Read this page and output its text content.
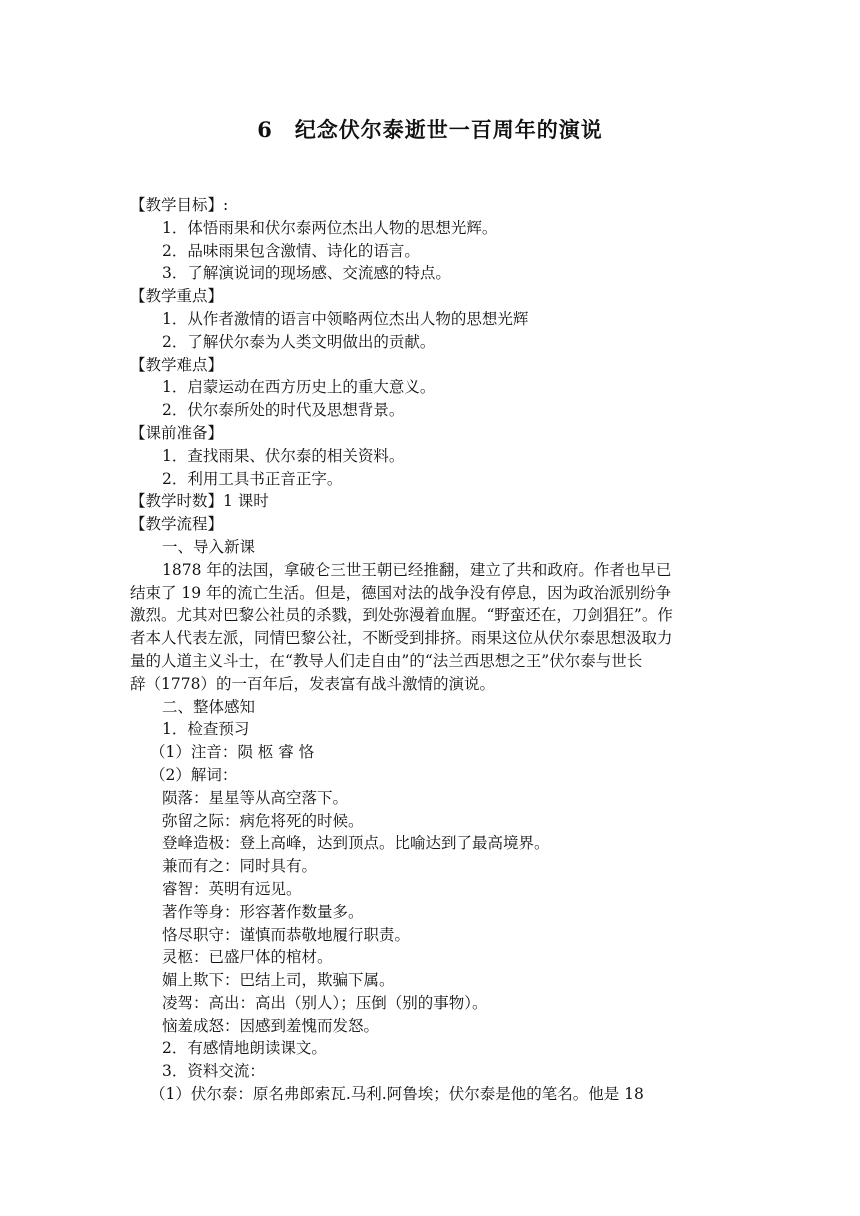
6 纪念伏尔泰逝世一百周年的演说
【教学目标】:
1．体悟雨果和伏尔泰两位杰出人物的思想光辉。
2．品味雨果包含激情、诗化的语言。
3．了解演说词的现场感、交流感的特点。
【教学重点】
1．从作者激情的语言中领略两位杰出人物的思想光辉
2．了解伏尔泰为人类文明做出的贡献。
【教学难点】
1．启蒙运动在西方历史上的重大意义。
2．伏尔泰所处的时代及思想背景。
【课前准备】
1．查找雨果、伏尔泰的相关资料。
2．利用工具书正音正字。
【教学时数】1 课时
【教学流程】
一、导入新课
1878 年的法国，拿破仑三世王朝已经推翻，建立了共和政府。作者也早已
结束了 19 年的流亡生活。但是，德国对法的战争没有停息，因为政治派别纷争
激烈。尤其对巴黎公社员的杀戮，到处弥漫着血腥。“野蛮还在，刀剑猖狂”。作
者本人代表左派，同情巴黎公社，不断受到排挤。雨果这位从伏尔泰思想汲取力
量的人道主义斗士，在“教导人们走自由”的“法兰西思想之王”伏尔泰与世长
辞（1778）的一百年后，发表富有战斗激情的演说。
二、整体感知
1．检查预习
（1）注音：陨 柩 睿 恪
（2）解词：
陨落：星星等从高空落下。
弥留之际：病危将死的时候。
登峰造极：登上高峰，达到顶点。比喻达到了最高境界。
兼而有之：同时具有。
睿智：英明有远见。
著作等身：形容著作数量多。
恪尽职守：谨慎而恭敬地履行职责。
灵柩：已盛尸体的棺材。
媚上欺下：巴结上司，欺骗下属。
凌驾：高出：高出（别人）；压倒（别的事物）。
恼羞成怒：因感到羞愧而发怒。
2．有感情地朗读课文。
3．资料交流：
（1）伏尔泰：原名弗郎索瓦.马利.阿鲁埃；伏尔泰是他的笔名。他是 18
